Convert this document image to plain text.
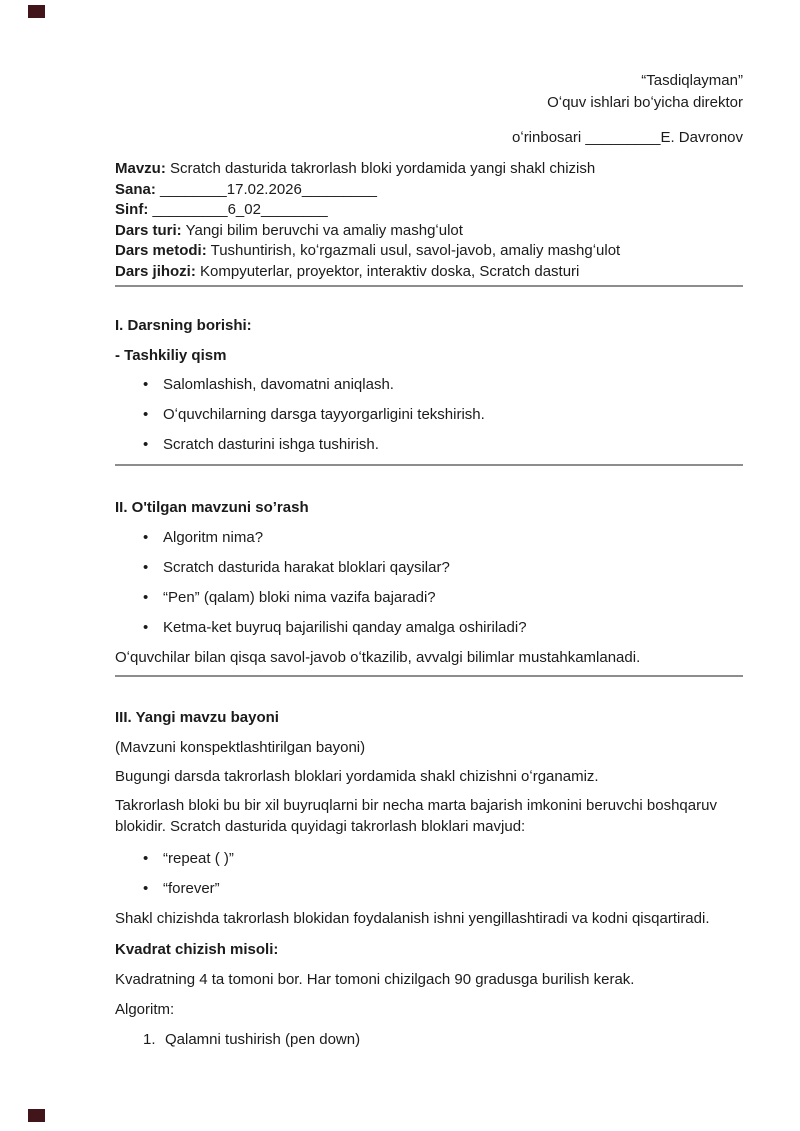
“Tasdiqlayman”
Oʻquv ishlari boʻyicha direktor
oʻrinbosari _________E. Davronov
Mavzu: Scratch dasturida takrorlash bloki yordamida yangi shakl chizish
Sana: ________17.02.2026_________
Sinf: _________6_02________
Dars turi: Yangi bilim beruvchi va amaliy mashgʻulot
Dars metodi: Tushuntirish, koʻrgazmali usul, savol-javob, amaliy mashgʻulot
Dars jihozi: Kompyuterlar, proyektor, interaktiv doska, Scratch dasturi

I. Darsning borishi:

- Tashkiliy qism

• Salomlashish, davomatni aniqlash.
• Oʻquvchilarning darsga tayyorgarligini tekshirish.
• Scratch dasturini ishga tushirish.

II. O'tilgan mavzuni so’rash

• Algoritm nima?
• Scratch dasturida harakat bloklari qaysilar?
• “Pen” (qalam) bloki nima vazifa bajaradi?
• Ketma-ket buyruq bajarilishi qanday amalga oshiriladi?

Oʻquvchilar bilan qisqa savol-javob oʻtkazilib, avvalgi bilimlar mustahkamlanadi.

III. Yangi mavzu bayoni

(Mavzuni konspektlashtirilgan bayoni)

Bugungi darsda takrorlash bloklari yordamida shakl chizishni oʻrganamiz.

Takrorlash bloki bu bir xil buyruqlarni bir necha marta bajarish imkonini beruvchi boshqaruv blokidir. Scratch dasturida quyidagi takrorlash bloklari mavjud:

• “repeat ( )”
• “forever”

Shakl chizishda takrorlash blokidan foydalanish ishni yengillashtiradi va kodni qisqartiradi.

Kvadrat chizish misoli:

Kvadratning 4 ta tomoni bor. Har tomoni chizilgach 90 gradusga burilish kerak.

Algoritm:

1. Qalamni tushirish (pen down)
